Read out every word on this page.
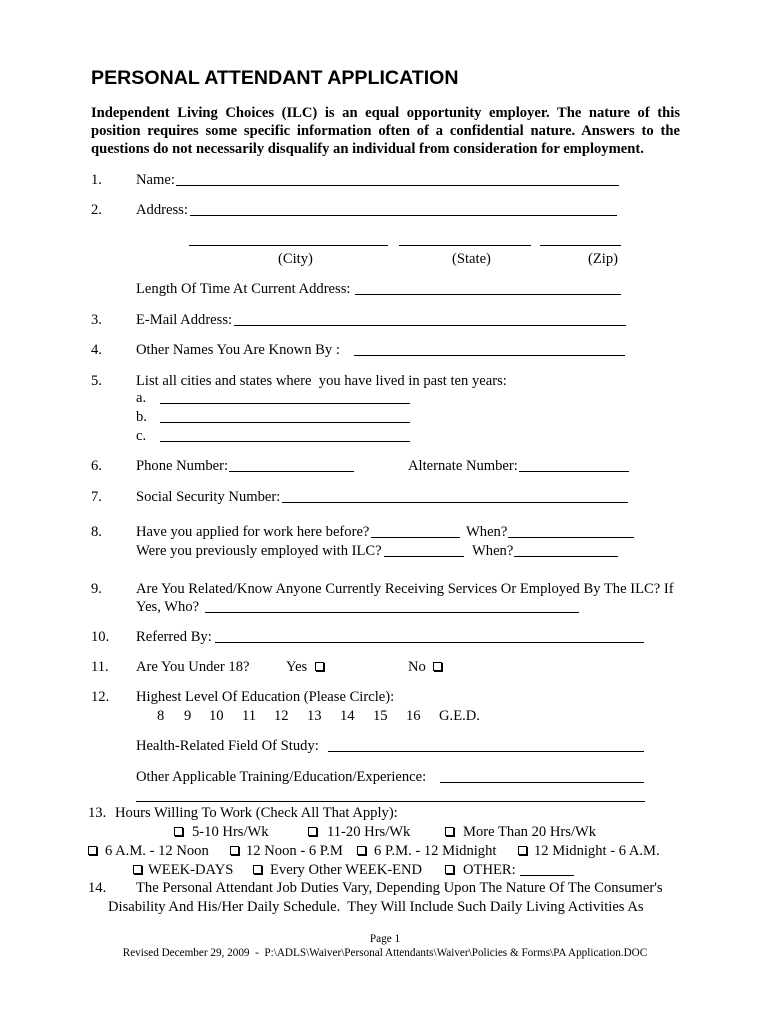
PERSONAL ATTENDANT APPLICATION
Independent Living Choices (ILC) is an equal opportunity employer. The nature of this
position requires some specific information often of a confidential nature. Answers to the
questions do not necessarily disqualify an individual from consideration for employment.
1. Name:
2. Address:
(City)	(State)	(Zip)
Length Of Time At Current Address:
3. E-Mail Address:
4. Other Names You Are Known By :
5. List all cities and states where  you have lived in past ten years:
a.
b.
c.
6. Phone Number:	Alternate Number:
7. Social Security Number:
8. Have you applied for work here before?	When?
Were you previously employed with ILC?	When?
9. Are You Related/Know Anyone Currently Receiving Services Or Employed By The ILC? If
Yes, Who?
10. Referred By:
11. Are You Under 18?	Yes	No
12. Highest Level Of Education (Please Circle):
8 9 10 11 12 13 14 15 16 G.E.D.
Health-Related Field Of Study:
Other Applicable Training/Education/Experience:
13. Hours Willing To Work (Check All That Apply):
5-10 Hrs/Wk	11-20 Hrs/Wk	More Than 20 Hrs/Wk
6 A.M. - 12 Noon	12 Noon - 6 P.M 6 P.M. - 12 Midnight	12 Midnight - 6 A.M.
WEEK-DAYS	Every Other WEEK-END	OTHER:
14. The Personal Attendant Job Duties Vary, Depending Upon The Nature Of The Consumer's
Disability And His/Her Daily Schedule.  They Will Include Such Daily Living Activities As
Page 1
Revised December 29, 2009  -  P:\ADLS\Waiver\Personal Attendants\Waiver\Policies & Forms\PA Application.DOC
